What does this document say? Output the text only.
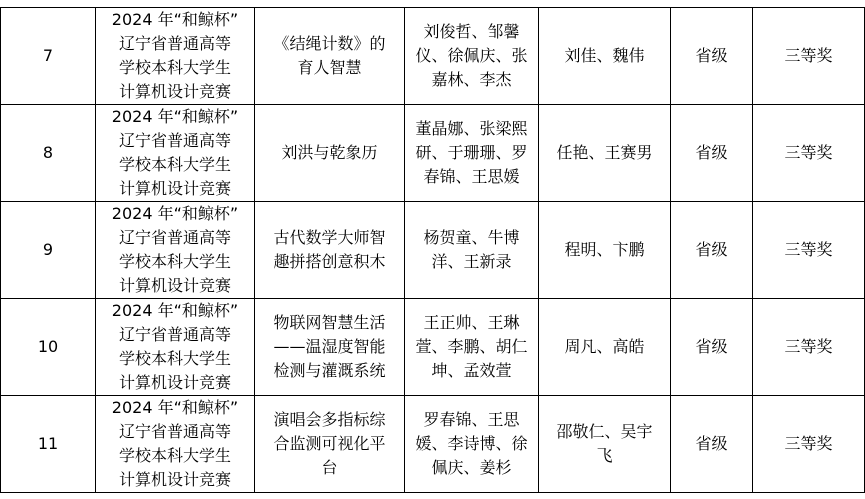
7	2024 年“和鲸杯”
辽宁省普通高等
学校本科大学生
计算机设计竞赛	《结绳计数》的
育人智慧	刘俊哲、邹馨
仪、徐佩庆、张
嘉林、李杰	刘佳、魏伟	省级	三等奖
8	2024 年“和鲸杯”
辽宁省普通高等
学校本科大学生
计算机设计竞赛	刘洪与乾象历	董晶娜、张梁熙
研、于珊珊、罗
春锦、王思媛	任艳、王赛男	省级	三等奖
9	2024 年“和鲸杯”
辽宁省普通高等
学校本科大学生
计算机设计竞赛	古代数学大师智
趣拼搭创意积木	杨贺童、牛博
洋、王新录	程明、卞鹏	省级	三等奖
10	2024 年“和鲸杯”
辽宁省普通高等
学校本科大学生
计算机设计竞赛	物联网智慧生活
——温湿度智能
检测与灌溉系统	王正帅、王琳
萱、李鹏、胡仁
坤、孟效萱	周凡、高皓	省级	三等奖
11	2024 年“和鲸杯”
辽宁省普通高等
学校本科大学生
计算机设计竞赛	演唱会多指标综
合监测可视化平
台	罗春锦、王思
媛、李诗博、徐
佩庆、姜杉	邵敬仁、吴宇
飞	省级	三等奖
